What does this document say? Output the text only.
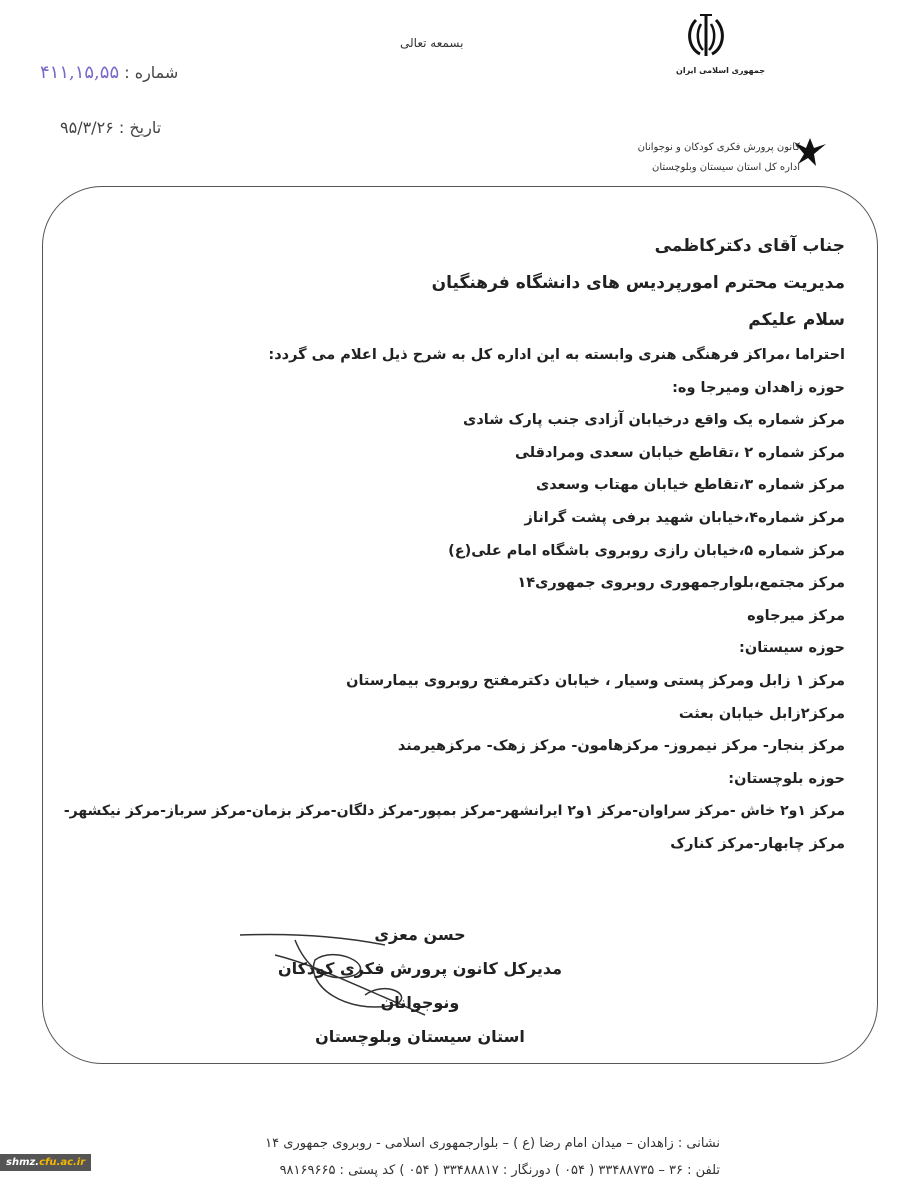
جمهوری اسلامی ایران
بسمعه تعالی
شماره : ۴۱۱,۱۵,۵۵
تاریخ : ۹۵/۳/۲۶
کانون پرورش فکری کودکان و نوجوانان
اداره کل استان سیستان وبلوچستان
جناب آقای دکترکاظمی
مدیریت محترم امورپردیس های دانشگاه فرهنگیان
سلام علیکم
احتراما ،مراکز فرهنگی هنری وابسته به این اداره کل به شرح ذیل اعلام می گردد:
حوزه زاهدان ومیرجا وه:
مرکز شماره یک واقع درخیابان آزادی جنب پارک شادی
مرکز شماره ۲ ،تقاطع خیابان سعدی ومرادقلی
مرکز شماره ۳،تقاطع خیابان مهتاب وسعدی
مرکز شماره۴،خیابان شهید برفی پشت گراناز
مرکز شماره ۵،خیابان رازی روبروی باشگاه امام علی(ع)
مرکز مجتمع،بلوارجمهوری روبروی جمهوری۱۴
مرکز میرجاوه
حوزه سیستان:
مرکز ۱ زابل ومرکز پستی وسیار ، خیابان دکترمفتح روبروی بیمارستان
مرکز۲زابل خیابان بعثت
مرکز بنجار- مرکز نیمروز- مرکزهامون- مرکز زهک- مرکزهیرمند
حوزه بلوچستان:
مرکز ۱و۲ خاش -مرکز سراوان-مرکز ۱و۲ ایرانشهر-مرکز بمپور-مرکز دلگان-مرکز بزمان-مرکز سرباز-مرکز نیکشهر-
مرکز چابهار-مرکز کنارک
حسن معزی
مدیرکل کانون پرورش فکری کودکان ونوجوانان
استان سیستان وبلوچستان
نشانی : زاهدان – میدان امام رضا (ع ) – بلوارجمهوری اسلامی - روبروی جمهوری ۱۴
تلفن : ۳۶ – ۳۳۴۸۸۷۳۵ ( ۰۵۴ ) دورنگار : ۳۳۴۸۸۸۱۷ ( ۰۵۴ ) کد پستی : ۹۸۱۶۹۶۶۵
shmz.cfu.ac.ir
